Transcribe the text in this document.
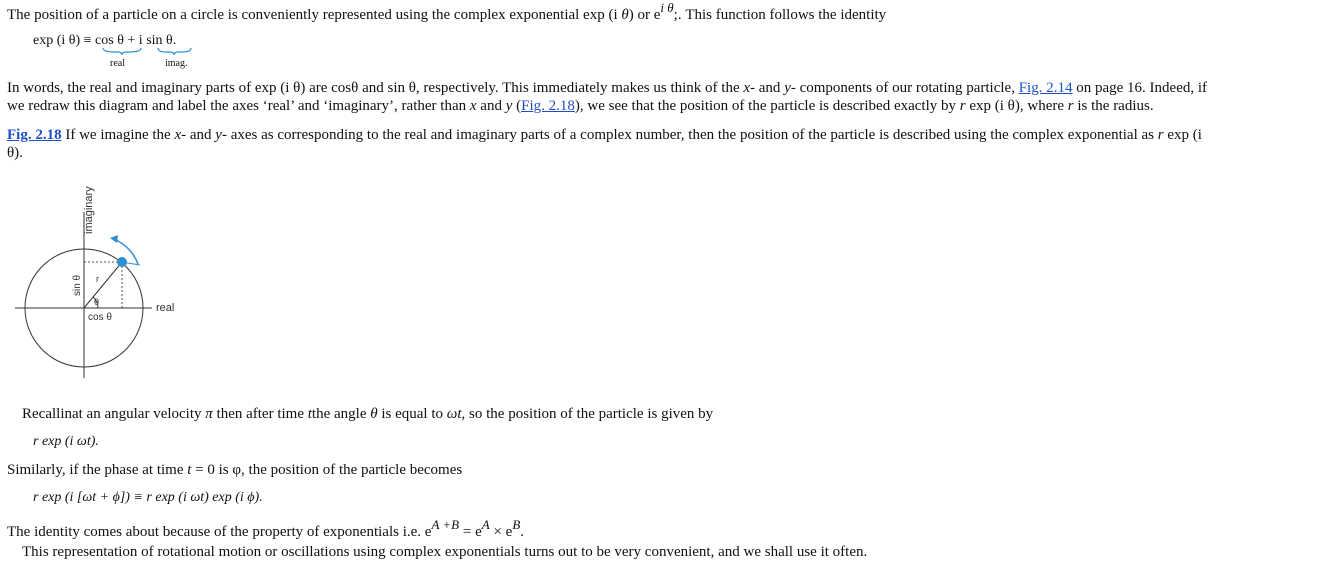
The position of a particle on a circle is conveniently represented using the complex exponential exp (i θ) or ei θ;. This function follows the identity
exp (i θ) ≡ cos θ + i sin θ.
real	imag.
In words, the real and imaginary parts of exp (i θ) are cosθ and sin θ, respectively. This immediately makes us think of the x- and y- components of our rotating particle, Fig. 2.14 on page 16. Indeed, if
we redraw this diagram and label the axes ‘real’ and ‘imaginary’, rather than x and y (Fig. 2.18), we see that the position of the particle is described exactly by r exp (i θ), where r is the radius.
Fig. 2.18 If we imagine the x- and y- axes as corresponding to the real and imaginary parts of a complex number, then the position of the particle is described using the complex exponential as r exp (i
θ).
imaginary
real
sin θ
cos θ
r
θ
Recallinat an angular velocity π then after time tthe angle θ is equal to ωt, so the position of the particle is given by
r exp (i ωt).
Similarly, if the phase at time t = 0 is φ, the position of the particle becomes
r exp (i [ωt + ϕ]) ≡ r exp (i ωt) exp (i ϕ).
The identity comes about because of the property of exponentials i.e. eA +B = eA × eB.
This representation of rotational motion or oscillations using complex exponentials turns out to be very convenient, and we shall use it often.
